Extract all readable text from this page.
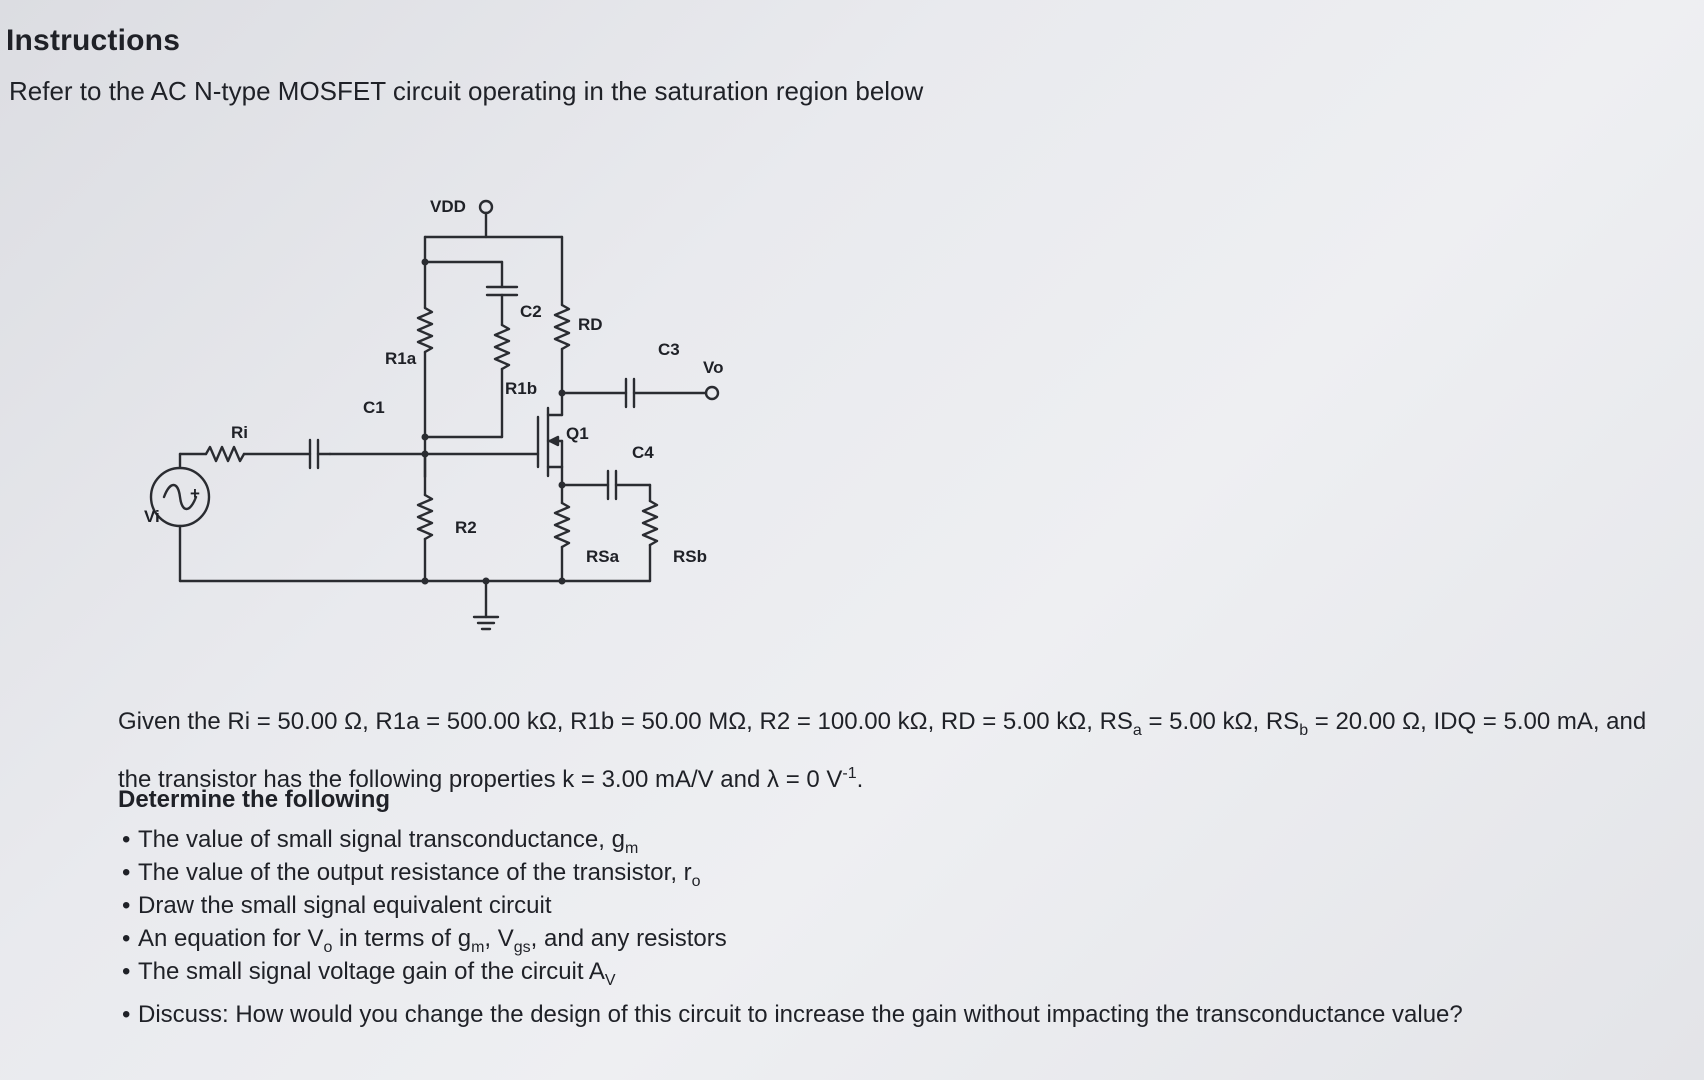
Instructions
Refer to the AC N-type MOSFET circuit operating in the saturation region below
VDD
C2
RD
C3
Vo
R1a
R1b
C1
Ri	Q1
C4
Vi
+
R2
RSa	RSb
Given the Ri = 50.00 Ω, R1a = 500.00 kΩ, R1b = 50.00 MΩ, R2 = 100.00 kΩ, RD = 5.00 kΩ, $RS_a = 5.00$ kΩ, $RS_b = 20.00$ Ω, IDQ = 5.00 mA, and the transistor has the following properties k = 3.00 mA/V and λ = 0 $V^{-1}$.
Determine the following
• The value of small signal transconductance, $g_m$
• The value of the output resistance of the transistor, $r_o$
• Draw the small signal equivalent circuit
• An equation for $V_o$ in terms of $g_m$, $V_{gs}$, and any resistors
• The small signal voltage gain of the circuit $A_V$
• Discuss: How would you change the design of this circuit to increase the gain without impacting the transconductance value?
